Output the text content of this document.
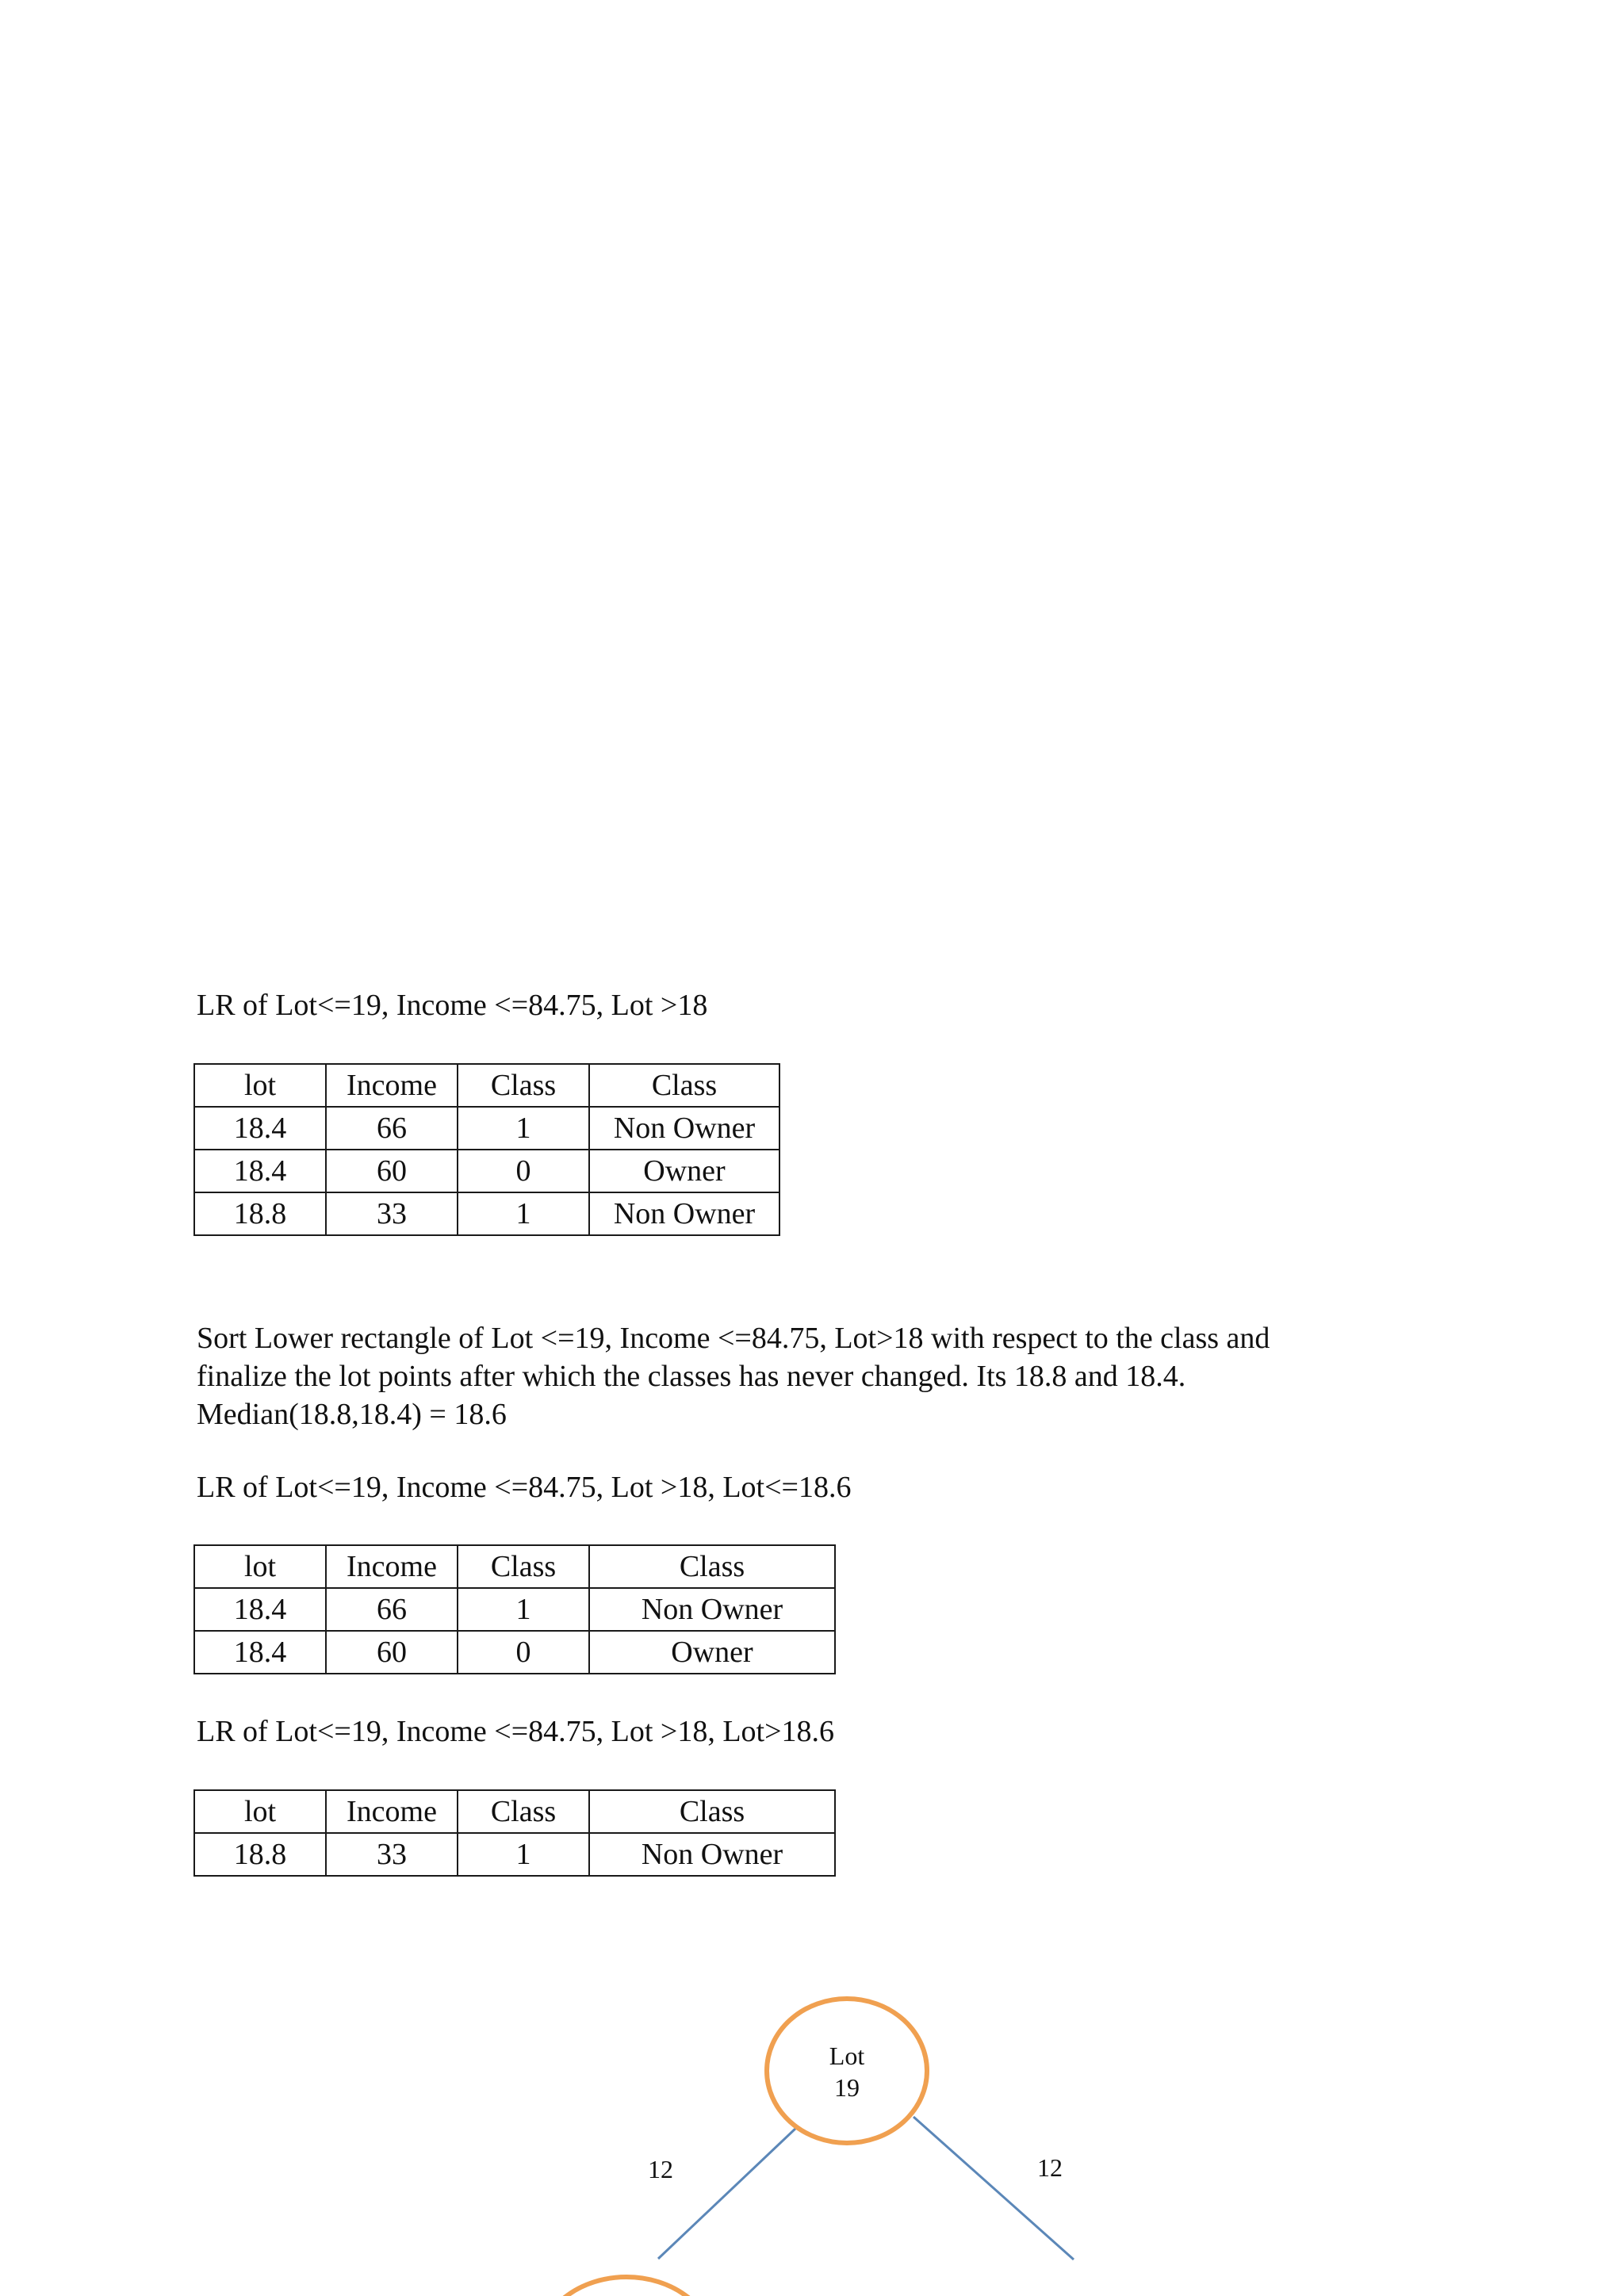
LR of Lot<=19, Income <=84.75, Lot >18

lot	Income	Class	Class
18.4	66	1	Non Owner
18.4	60	0	Owner
18.8	33	1	Non Owner
Sort Lower rectangle of Lot <=19, Income <=84.75, Lot>18 with respect to the class and
finalize the lot points after which the classes has never changed. Its 18.8 and 18.4.
Median(18.8,18.4) = 18.6

LR of Lot<=19, Income <=84.75, Lot >18, Lot<=18.6

lot	Income	Class	Class
18.4	66	1	Non Owner
18.4	60	0	Owner

LR of Lot<=19, Income <=84.75, Lot >18, Lot>18.6

lot	Income	Class	Class
18.8	33	1	Non Owner
Lot
19
12	12
